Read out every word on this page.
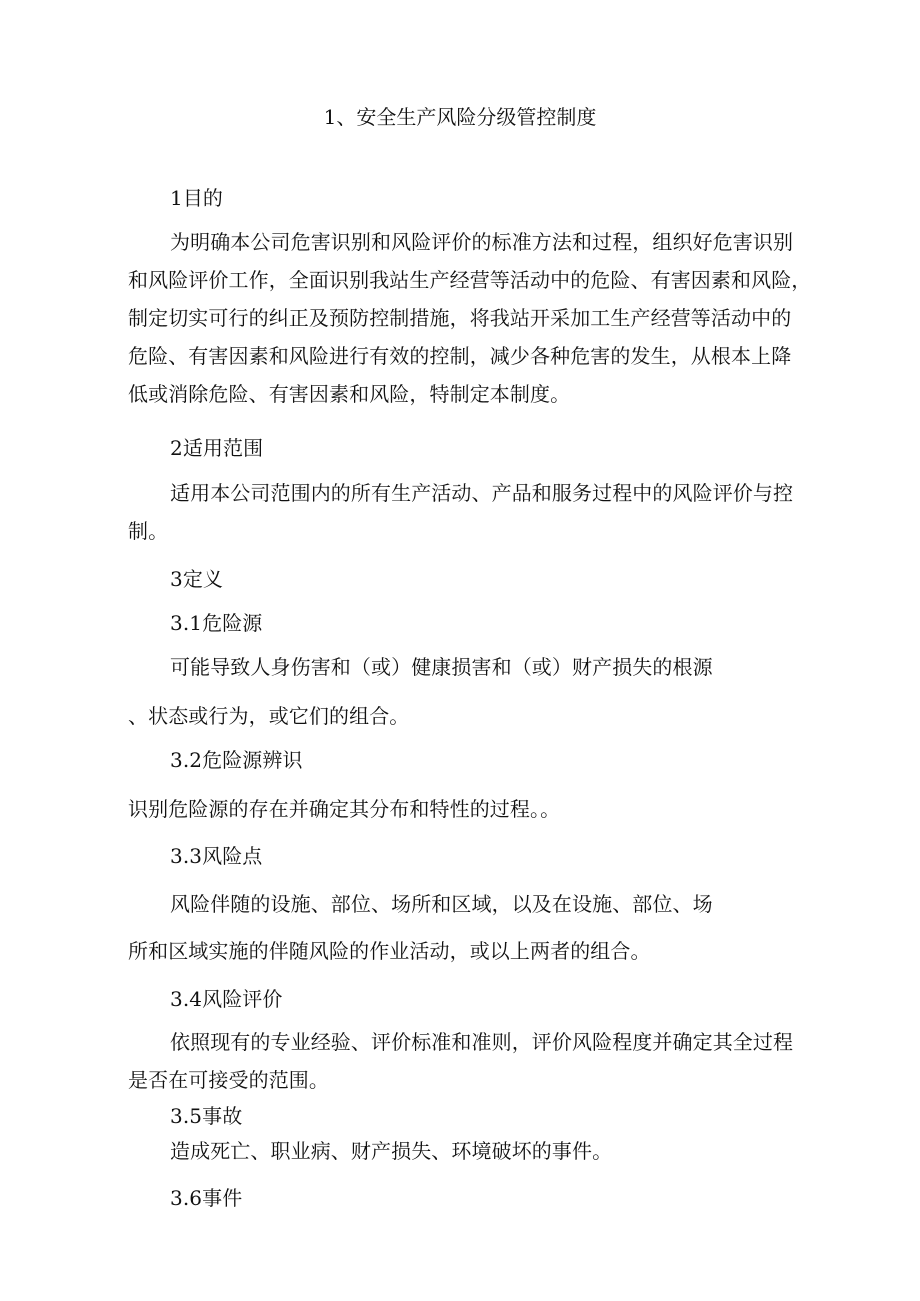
1、安全生产风险分级管控制度
1目的
为明确本公司危害识别和风险评价的标准方法和过程，组织好危害识别
和风险评价工作，全面识别我站生产经营等活动中的危险、有害因素和风险，
制定切实可行的纠正及预防控制措施，将我站开采加工生产经营等活动中的
危险、有害因素和风险进行有效的控制，减少各种危害的发生，从根本上降
低或消除危险、有害因素和风险，特制定本制度。
2适用范围
适用本公司范围内的所有生产活动、产品和服务过程中的风险评价与控
制。
3定义
3.1危险源
可能导致人身伤害和（或）健康损害和（或）财产损失的根源
、状态或行为，或它们的组合。
3.2危险源辨识
识别危险源的存在并确定其分布和特性的过程。。
3.3风险点
风险伴随的设施、部位、场所和区域，以及在设施、部位、场
所和区域实施的伴随风险的作业活动，或以上两者的组合。
3.4风险评价
依照现有的专业经验、评价标准和准则，评价风险程度并确定其全过程
是否在可接受的范围。
3.5事故
造成死亡、职业病、财产损失、环境破坏的事件。
3.6事件
